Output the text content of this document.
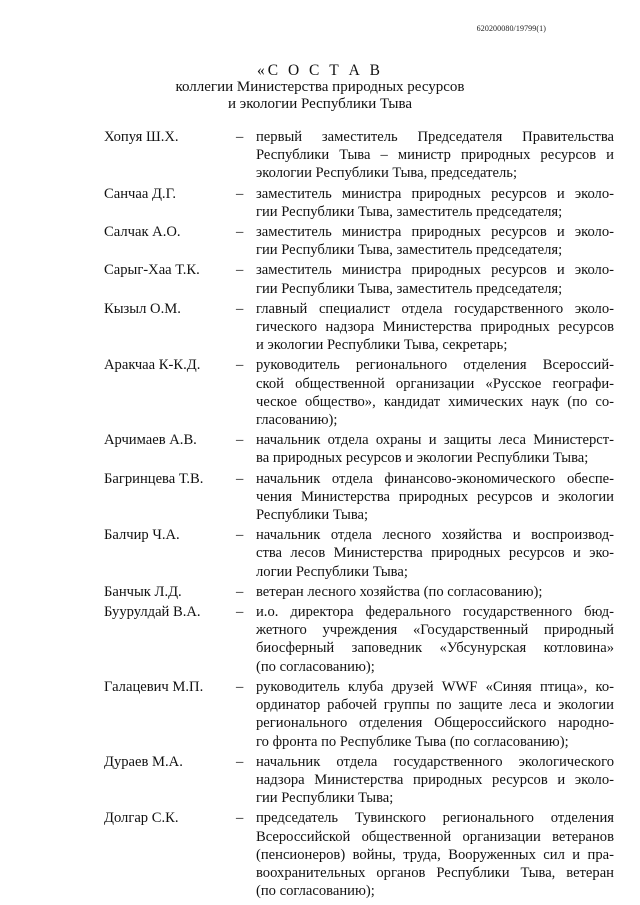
620200080/19799(1)
«С О С Т А В
коллегии Министерства природных ресурсов
и экологии Республики Тыва
Хопуя Ш.Х.	– первый заместитель Председателя Правительства
Республики Тыва – министр природных ресурсов и
экологии Республики Тыва, председатель;
Санчаа Д.Г.	– заместитель министра природных ресурсов и эколо-
гии Республики Тыва, заместитель председателя;
Салчак А.О.	– заместитель министра природных ресурсов и эколо-
гии Республики Тыва, заместитель председателя;
Сарыг-Хаа Т.К.	– заместитель министра природных ресурсов и эколо-
гии Республики Тыва, заместитель председателя;
Кызыл О.М.	– главный специалист отдела государственного эколо-
гического надзора Министерства природных ресурсов
и экологии Республики Тыва, секретарь;
Аракчаа К-К.Д.	– руководитель регионального отделения Всероссий-
ской общественной организации «Русское географи-
ческое общество», кандидат химических наук (по со-
гласованию);
Арчимаев А.В.	– начальник отдела охраны и защиты леса Министерст-
ва природных ресурсов и экологии Республики Тыва;
Багринцева Т.В.	– начальник отдела финансово-экономического обеспе-
чения Министерства природных ресурсов и экологии
Республики Тыва;
Балчир Ч.А.	– начальник отдела лесного хозяйства и воспроизвод-
ства лесов Министерства природных ресурсов и эко-
логии Республики Тыва;
Банчык Л.Д.	– ветеран лесного хозяйства (по согласованию);
Буурулдай В.А.	– и.о. директора федерального государственного бюд-
жетного учреждения «Государственный природный
биосферный заповедник «Убсунурская котловина»
(по согласованию);
Галацевич М.П.	– руководитель клуба друзей WWF «Синяя птица», ко-
ординатор рабочей группы по защите леса и экологии
регионального отделения Общероссийского народно-
го фронта по Республике Тыва (по согласованию);
Дураев М.А.	– начальник отдела государственного экологического
надзора Министерства природных ресурсов и эколо-
гии Республики Тыва;
Долгар С.К.	– председатель Тувинского регионального отделения
Всероссийской общественной организации ветеранов
(пенсионеров) войны, труда, Вооруженных сил и пра-
воохранительных органов Республики Тыва, ветеран
(по согласованию);
